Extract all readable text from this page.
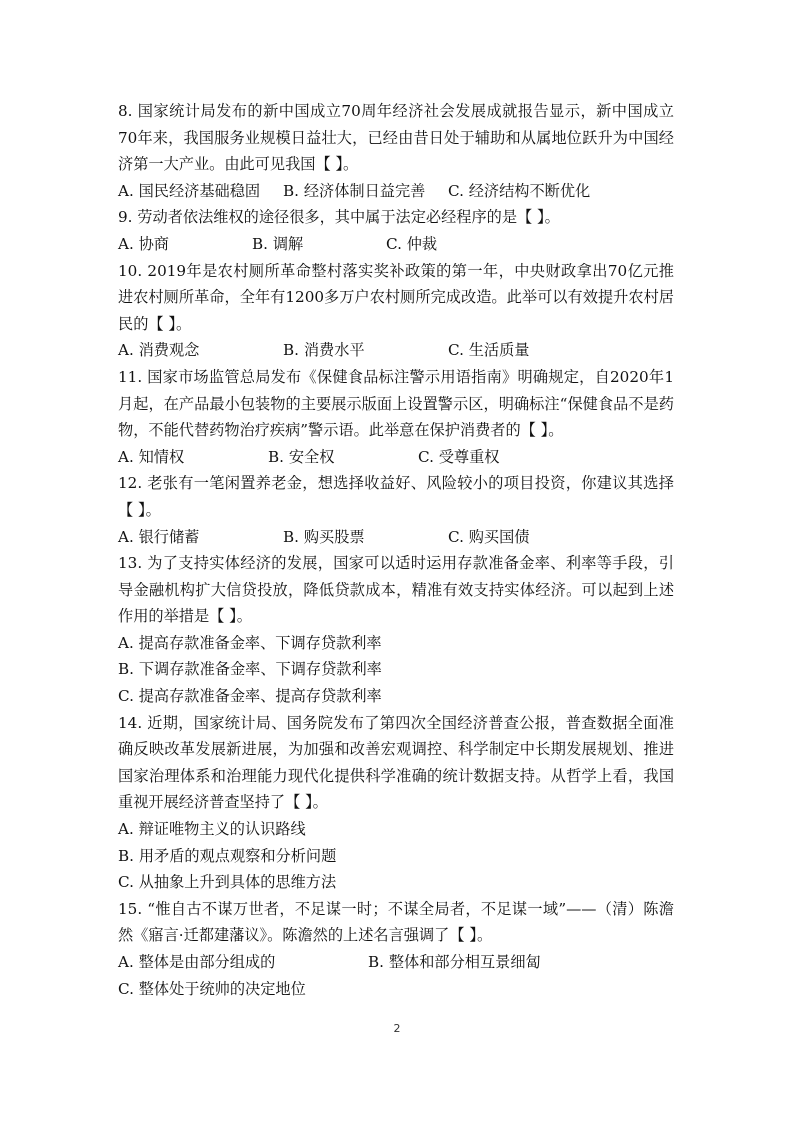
8. 国家统计局发布的新中国成立70周年经济社会发展成就报告显示，新中国成立70年来，我国服务业规模日益壮大，已经由昔日处于辅助和从属地位跃升为中国经济第一大产业。由此可见我国【 】。
A. 国民经济基础稳固	B. 经济体制日益完善	C. 经济结构不断优化
9. 劳动者依法维权的途径很多，其中属于法定必经程序的是【 】。
A. 协商	B. 调解	C. 仲裁
10. 2019年是农村厕所革命整村落实奖补政策的第一年，中央财政拿出70亿元推进农村厕所革命，全年有1200多万户农村厕所完成改造。此举可以有效提升农村居民的【 】。
A. 消费观念	B. 消费水平	C. 生活质量
11. 国家市场监管总局发布《保健食品标注警示用语指南》明确规定，自2020年1月起，在产品最小包装物的主要展示版面上设置警示区，明确标注“保健食品不是药物，不能代替药物治疗疾病”警示语。此举意在保护消费者的【 】。
A. 知情权	B. 安全权	C. 受尊重权
12. 老张有一笔闲置养老金，想选择收益好、风险较小的项目投资，你建议其选择【 】。
A. 银行储蓄	B. 购买股票	C. 购买国债
13. 为了支持实体经济的发展，国家可以适时运用存款准备金率、利率等手段，引导金融机构扩大信贷投放，降低贷款成本，精准有效支持实体经济。可以起到上述作用的举措是【 】。
A. 提高存款准备金率、下调存贷款利率
B. 下调存款准备金率、下调存贷款利率
C. 提高存款准备金率、提高存贷款利率
14. 近期，国家统计局、国务院发布了第四次全国经济普查公报，普查数据全面准确反映改革发展新进展，为加强和改善宏观调控、科学制定中长期发展规划、推进国家治理体系和治理能力现代化提供科学准确的统计数据支持。从哲学上看，我国重视开展经济普查坚持了【 】。
A. 辩证唯物主义的认识路线
B. 用矛盾的观点观察和分析问题
C. 从抽象上升到具体的思维方法
15. “惟自古不谋万世者，不足谋一时；不谋全局者，不足谋一域”——（清）陈澹然《寤言·迁都建藩议》。陈澹然的上述名言强调了【 】。
A. 整体是由部分组成的	B. 整体和部分相互景细匐
C. 整体处于统帅的决定地位
2
